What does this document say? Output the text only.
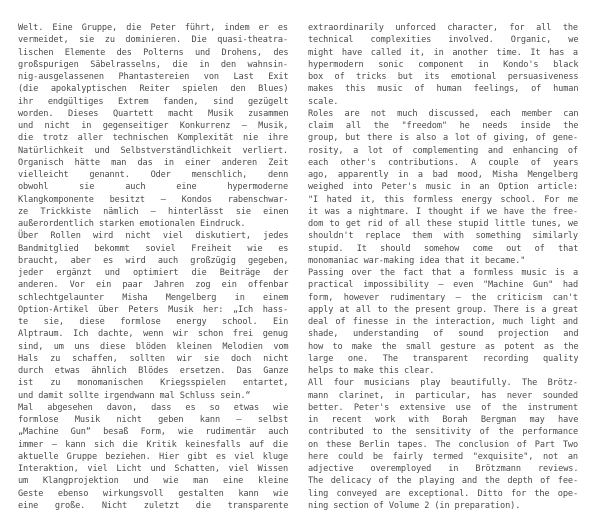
Welt. Eine Gruppe, die Peter führt, indem er es
vermeidet, sie zu dominieren. Die quasi-theatra-
lischen Elemente des Polterns und Drohens, des
großspurigen Säbelrasselns, die in den wahnsin-
nig-ausgelassenen Phantastereien von Last Exit
(die apokalyptischen Reiter spielen den Blues)
ihr endgültiges Extrem fanden, sind gezügelt
worden. Dieses Quartett macht Musik zusammen
und nicht in gegenseitiger Konkurrenz – Musik,
die trotz aller technischen Komplexität nie ihre
Natürlichkeit und Selbstverständlichkeit verliert.
Organisch hätte man das in einer anderen Zeit
vielleicht genannt. Oder menschlich, denn
obwohl sie auch eine hypermoderne
Klangkomponente besitzt – Kondos rabenschwar-
ze Trickkiste nämlich – hinterlässt sie einen
außerordentlich starken emotionalen Eindruck.
Über Rollen wird nicht viel diskutiert, jedes
Bandmitglied bekommt soviel Freiheit wie es
braucht, aber es wird auch großzügig gegeben,
jeder ergänzt und optimiert die Beiträge der
anderen. Vor ein paar Jahren zog ein offenbar
schlechtgelaunter Misha Mengelberg in einem
Option-Artikel über Peters Musik her: „Ich hass-
te sie, diese formlose energy school. Ein
Alptraum. Ich dachte, wenn wir schon frei genug
sind, um uns diese blöden kleinen Melodien vom
Hals zu schaffen, sollten wir sie doch nicht
durch etwas ähnlich Blödes ersetzen. Das Ganze
ist zu monomanischen Kriegsspielen entartet,
und damit sollte irgendwann mal Schluss sein.“
Mal abgesehen davon, dass es so etwas wie
formlose Musik nicht geben kann – selbst
„Machine Gun“ besaß Form, wie rudimentär auch
immer – kann sich die Kritik keinesfalls auf die
aktuelle Gruppe beziehen. Hier gibt es viel kluge
Interaktion, viel Licht und Schatten, viel Wissen
um Klangprojektion und wie man eine kleine
Geste ebenso wirkungsvoll gestalten kann wie
eine große. Nicht zuletzt die transparente
extraordinarily unforced character, for all the
technical complexities involved. Organic, we
might have called it, in another time. It has a
hypermodern sonic component in Kondo's black
box of tricks but its emotional persuasiveness
makes this music of human feelings, of human
scale.
Roles are not much discussed, each member can
claim all the "freedom" he needs inside the
group, but there is also a lot of giving, of gene-
rosity, a lot of complementing and enhancing of
each other's contributions. A couple of years
ago, apparently in a bad mood, Misha Mengelberg
weighed into Peter's music in an Option article:
"I hated it, this formless energy school. For me
it was a nightmare. I thought if we have the free-
dom to get rid of all these stupid little tunes, we
shouldn't replace them with something similarly
stupid. It should somehow come out of that
monomaniac war-making idea that it became."
Passing over the fact that a formless music is a
practical impossibility – even "Machine Gun" had
form, however rudimentary – the criticism can't
apply at all to the present group. There is a great
deal of finesse in the interaction, much light and
shade, understanding of sound projection and
how to make the small gesture as potent as the
large one. The transparent recording quality
helps to make this clear.
All four musicians play beautifully. The Brötz-
mann clarinet, in particular, has never sounded
better. Peter's extensive use of the instrument
in recent work with Borah Bergman may have
contributed to the sensitivity of the performance
on these Berlin tapes. The conclusion of Part Two
here could be fairly termed "exquisite", not an
adjective overemployed in Brötzmann reviews.
The delicacy of the playing and the depth of fee-
ling conveyed are exceptional. Ditto for the ope-
ning section of Volume 2 (in preparation).
